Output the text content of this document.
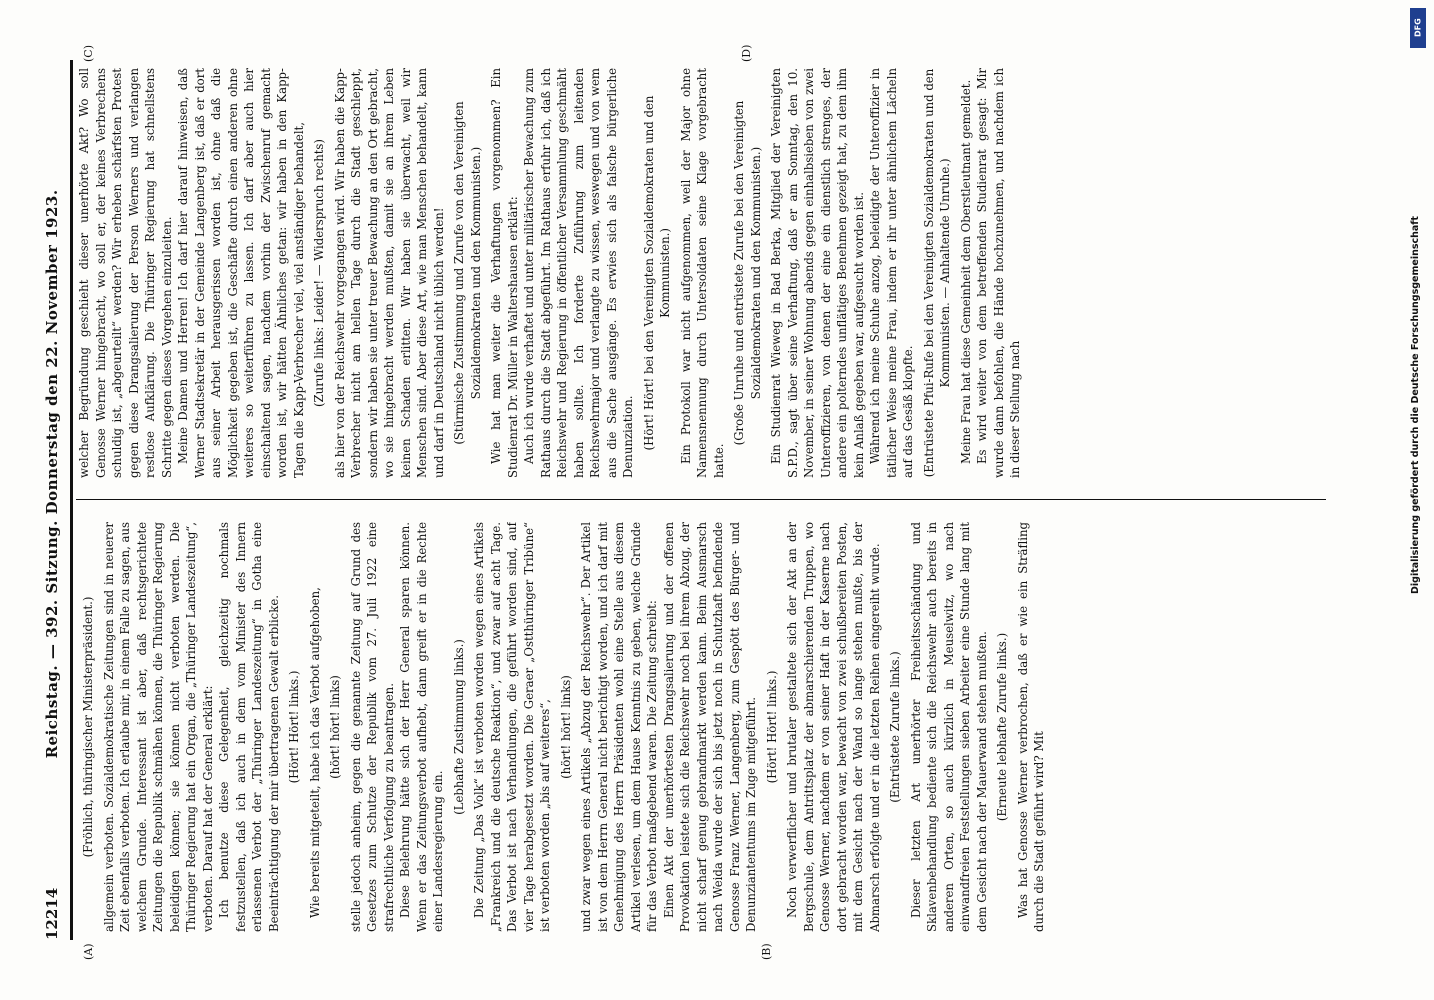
12214
Reichstag. — 392. Sitzung. Donnerstag den 22. November 1923.
(A)	(B)
(C)	(D)

(Fröhlich, thüringischer Ministerpräsident.) allgemein verboten. Sozialdemokratische Zeitungen sind in neuerer Zeit ebenfalls verboten. Ich erlaube mir, in einem Falle zu sagen, aus welchem Grunde. Interessant ist aber, daß rechtsgerichtete Zeitungen die Republik schmähen können, die Thüringer Regierung beleidigen können; sie können nicht verboten werden. Die Thüringer Regierung hat ein Organ, die „Thüringer Landeszeitung“, verboten. Darauf hat der General erklärt: Ich benutze diese Gelegenheit, gleichzeitig nochmals festzustellen, daß ich auch in dem vom Minister des Innern erlassenen Verbot der „Thüringer Landeszeitung“ in Gotha eine Beeinträchtigung der mir übertragenen Gewalt erblicke. (Hört! Hört! links.) Wie bereits mitgeteilt, habe ich das Verbot aufgehoben, (hört! hört! links) stelle jedoch anheim, gegen die genannte Zeitung auf Grund des Gesetzes zum Schutze der Republik vom 27. Juli 1922 eine strafrechtliche Verfolgung zu beantragen. Diese Belehrung hätte sich der Herr General sparen können. Wenn er das Zeitungsverbot aufhebt, dann greift er in die Rechte einer Landesregierung ein.

(Lebhafte Zustimmung links.) Die Zeitung „Das Volk“ ist verboten worden wegen eines Artikels „Frankreich und die deutsche Reaktion“, und zwar auf acht Tage. Das Verbot ist nach Verhandlungen, die geführt worden sind, auf vier Tage herabgesetzt worden. Die Geraer „Ostthüringer Tribüne“ ist verboten worden „bis auf weiteres“, (hört! hört! links) und zwar wegen eines Artikels „Abzug der Reichswehr“. Der Artikel ist von dem Herrn General nicht berichtigt worden, und ich darf mit Genehmigung des Herrn Präsidenten wohl eine Stelle aus diesem Artikel verlesen, um dem Hause Kenntnis zu geben, welche Gründe für das Verbot maßgebend waren. Die Zeitung schreibt: Einen Akt der unerhörtesten Drangsalierung und der offenen Provokation leistete sich die Reichswehr noch bei ihrem Abzug, der nicht scharf genug gebrandmarkt werden kann. Beim Ausmarsch nach Weida wurde der sich bis jetzt noch in Schutzhaft befindende Genosse Franz Werner, Langenberg, zum Gespött des Bürger- und Denunziantentums im Zuge mitgeführt. (Hört! Hört! links.) Noch verwerflicher und brutaler gestaltete sich der Akt an der Bergschule, dem Antrittsplatz der abmarschierenden Truppen, wo Genosse Werner, nachdem er von seiner Haft in der Kaserne nach dort gebracht worden war, bewacht von zwei schußbereiten Posten, mit dem Gesicht nach der Wand so lange stehen mußte, bis der Abmarsch erfolgte und er in die letzten Reihen eingereiht wurde. (Entrüstete Zurufe links.) Dieser letzten Art unerhörter Freiheitsschändung und Sklavenbehandlung bediente sich die Reichswehr auch bereits in anderen Orten, so auch kürzlich in Meuselwitz, wo nach einwandfreien Feststellungen sieben Arbeiter eine Stunde lang mit dem Gesicht nach der Mauerwand stehen mußten. (Erneute lebhafte Zurufe links.) Was hat Genosse Werner verbrochen, daß er wie ein Sträfling durch die Stadt geführt wird? Mit

welcher Begründung geschieht dieser unerhörte Akt? Wo soll Genosse Werner hingebracht, wo soll er, der keines Verbrechens schuldig ist, „abgeurteilt“ werden? Wir erheben schärfsten Protest gegen diese Drangsalierung der Person Werners und verlangen restlose Aufklärung. Die Thüringer Regierung hat schnellstens Schritte gegen dieses Vorgehen einzuleiten. Meine Damen und Herren! Ich darf hier darauf hinweisen, daß Werner Stadtsekretär in der Gemeinde Langenberg ist, daß er dort aus seiner Arbeit herausgerissen worden ist, ohne daß die Möglichkeit gegeben ist, die Geschäfte durch einen anderen ohne weiteres so weiterführen zu lassen. Ich darf aber auch hier einschaltend sagen, nachdem vorhin der Zwischenruf gemacht worden ist, wir hätten Ähnliches getan: wir haben in den Kapp-Tagen die Kapp-Verbrecher viel, viel anständiger behandelt, (Zurufe links: Leider! — Widerspruch rechts) als hier von der Reichswehr vorgegangen wird. Wir haben die Kapp-Verbrecher nicht am hellen Tage durch die Stadt geschleppt, sondern wir haben sie unter treuer Bewachung an den Ort gebracht, wo sie hingebracht werden mußten, damit sie an ihrem Leben keinen Schaden erlitten. Wir haben sie überwacht, weil wir Menschen sind. Aber diese Art, wie man Menschen behandelt, kann und darf in Deutschland nicht üblich werden! (Stürmische Zustimmung und Zurufe von den Vereinigten Sozialdemokraten und den Kommunisten.) Wie hat man weiter die Verhaftungen vorgenommen? Ein Studienrat Dr. Müller in Waltershausen erklärt: Auch ich wurde verhaftet und unter militärischer Bewachung zum Rathaus durch die Stadt abgeführt. Im Rathaus erfuhr ich, daß ich Reichswehr und Regierung in öffentlicher Versammlung geschmäht haben sollte. Ich forderte Zuführung zum leitenden Reichswehrmajor und verlangte zu wissen, weswegen und von wem aus die Sache ausgänge. Es erwies sich als falsche bürgerliche Denunziation. (Hört! Hört! bei den Vereinigten Sozialdemokraten und den Kommunisten.) Ein Protokoll war nicht aufgenommen, weil der Major ohne Namensnennung durch Untersoldaten seine Klage vorgebracht hatte.

(Große Unruhe und entrüstete Zurufe bei den Vereinigten Sozialdemokraten und den Kommunisten.) Ein Studienrat Wieweg in Bad Berka, Mitglied der Vereinigten S.P.D., sagt über seine Verhaftung, daß er am Sonntag, den 10. November, in seiner Wohnung abends gegen einhalbsieben von zwei Unteroffizieren, von denen der eine ein dienstlich strenges, der andere ein polterndes unflätiges Benehmen gezeigt hat, zu dem ihm kein Anlaß gegeben war, aufgesucht worden ist. Während ich meine Schuhe anzog, beleidigte der Unteroffizier in tätlicher Weise meine Frau, indem er ihr unter ähnlichem Lächeln auf das Gesäß klopfte. (Entrüstete Pfui-Rufe bei den Vereinigten Sozialdemokraten und den Kommunisten. — Anhaltende Unruhe.) Meine Frau hat diese Gemeinheit dem Oberstleutnant gemeldet. Es wird weiter von dem betreffenden Studienrat gesagt: Mir wurde dann befohlen, die Hände hochzunehmen, und nachdem ich in dieser Stellung nach

DFG
Digitalisierung gefördert durch die Deutsche Forschungsgemeinschaft
